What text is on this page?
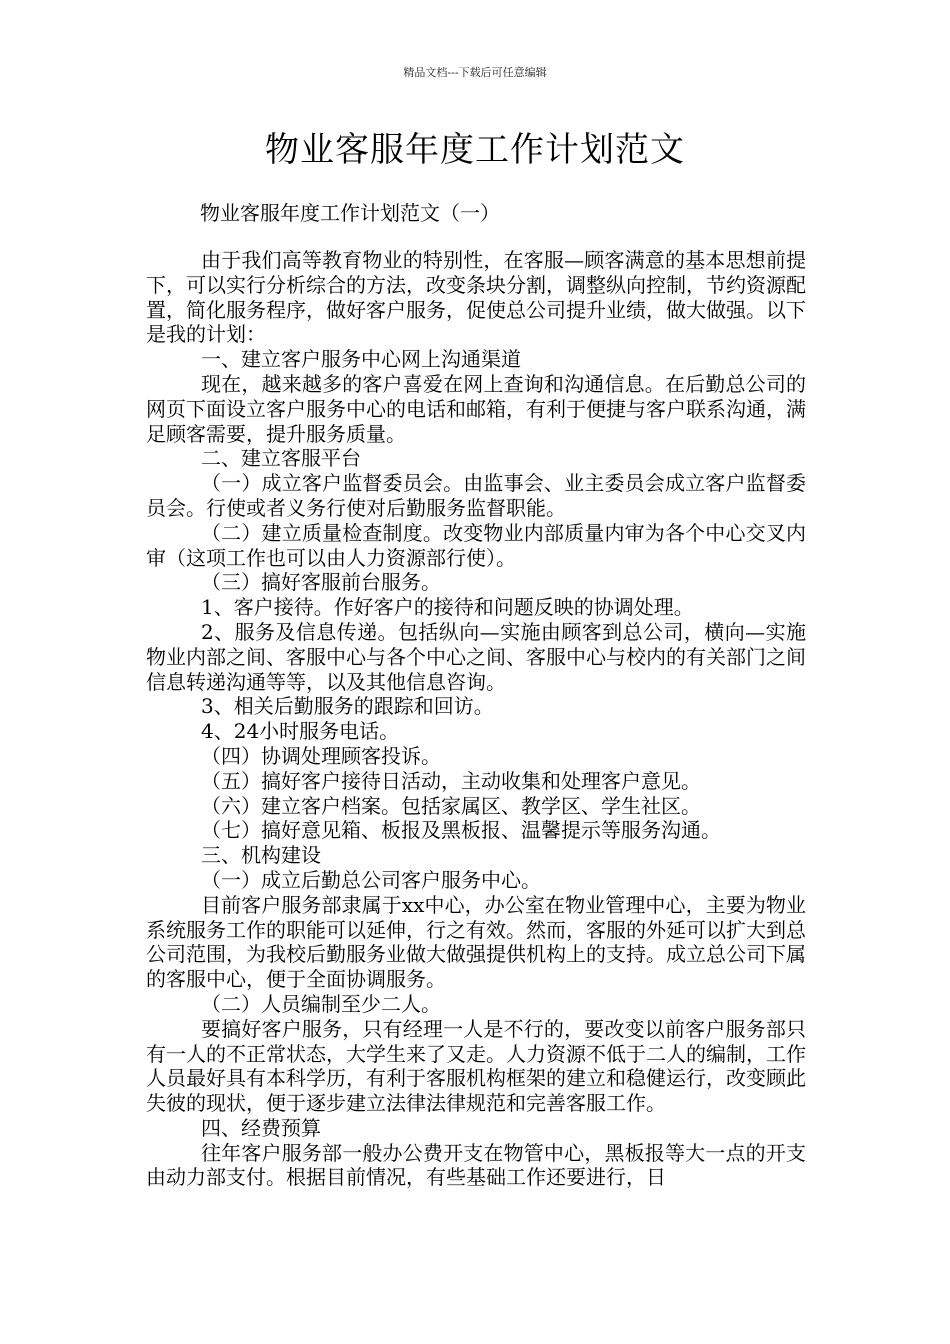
精品文档---下载后可任意编辑
物业客服年度工作计划范文

物业客服年度工作计划范文（一）

由于我们高等教育物业的特别性，在客服—顾客满意的基本思想前提下，可以实行分析综合的方法，改变条块分割，调整纵向控制，节约资源配置，简化服务程序，做好客户服务，促使总公司提升业绩，做大做强。以下是我的计划：

一、建立客户服务中心网上沟通渠道

现在，越来越多的客户喜爱在网上查询和沟通信息。在后勤总公司的网页下面设立客户服务中心的电话和邮箱，有利于便捷与客户联系沟通，满足顾客需要，提升服务质量。

二、建立客服平台

（一）成立客户监督委员会。由监事会、业主委员会成立客户监督委员会。行使或者义务行使对后勤服务监督职能。

（二）建立质量检查制度。改变物业内部质量内审为各个中心交叉内审（这项工作也可以由人力资源部行使）。

（三）搞好客服前台服务。

1、客户接待。作好客户的接待和问题反映的协调处理。

2、服务及信息传递。包括纵向—实施由顾客到总公司，横向—实施物业内部之间、客服中心与各个中心之间、客服中心与校内的有关部门之间信息转递沟通等等，以及其他信息咨询。

3、相关后勤服务的跟踪和回访。

4、24小时服务电话。

（四）协调处理顾客投诉。

（五）搞好客户接待日活动，主动收集和处理客户意见。

（六）建立客户档案。包括家属区、教学区、学生社区。

（七）搞好意见箱、板报及黑板报、温馨提示等服务沟通。

三、机构建设

（一）成立后勤总公司客户服务中心。

目前客户服务部隶属于xx中心，办公室在物业管理中心，主要为物业系统服务工作的职能可以延伸，行之有效。然而，客服的外延可以扩大到总公司范围，为我校后勤服务业做大做强提供机构上的支持。成立总公司下属的客服中心，便于全面协调服务。

（二）人员编制至少二人。

要搞好客户服务，只有经理一人是不行的，要改变以前客户服务部只有一人的不正常状态，大学生来了又走。人力资源不低于二人的编制，工作人员最好具有本科学历，有利于客服机构框架的建立和稳健运行，改变顾此失彼的现状，便于逐步建立法律法律规范和完善客服工作。

四、经费预算

往年客户服务部一般办公费开支在物管中心，黑板报等大一点的开支由动力部支付。根据目前情况，有些基础工作还要进行，日
